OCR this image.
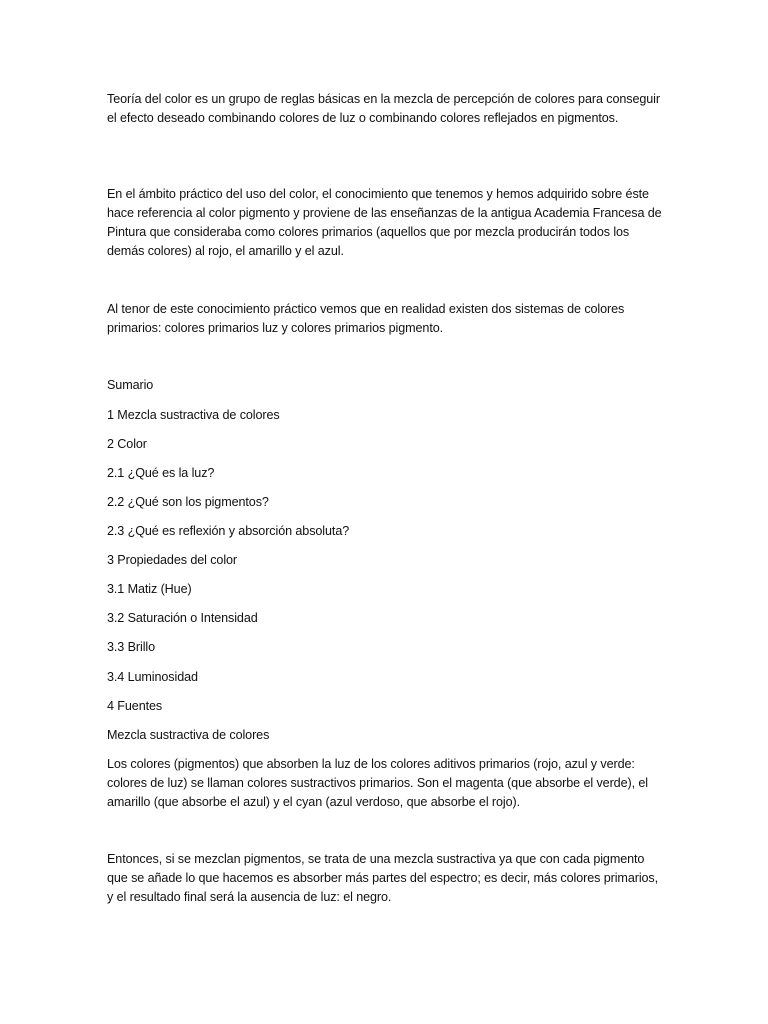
Teoría del color es un grupo de reglas básicas en la mezcla de percepción de colores para conseguir el efecto deseado combinando colores de luz o combinando colores reflejados en pigmentos.

En el ámbito práctico del uso del color, el conocimiento que tenemos y hemos adquirido sobre éste hace referencia al color pigmento y proviene de las enseñanzas de la antigua Academia Francesa de Pintura que consideraba como colores primarios (aquellos que por mezcla producirán todos los demás colores) al rojo, el amarillo y el azul.

Al tenor de este conocimiento práctico vemos que en realidad existen dos sistemas de colores primarios: colores primarios luz y colores primarios pigmento.

Sumario

1 Mezcla sustractiva de colores

2 Color

2.1 ¿Qué es la luz?

2.2 ¿Qué son los pigmentos?

2.3 ¿Qué es reflexión y absorción absoluta?

3 Propiedades del color

3.1 Matiz (Hue)

3.2 Saturación o Intensidad

3.3 Brillo

3.4 Luminosidad

4 Fuentes

Mezcla sustractiva de colores

Los colores (pigmentos) que absorben la luz de los colores aditivos primarios (rojo, azul y verde: colores de luz) se llaman colores sustractivos primarios. Son el magenta (que absorbe el verde), el amarillo (que absorbe el azul) y el cyan (azul verdoso, que absorbe el rojo).

Entonces, si se mezclan pigmentos, se trata de una mezcla sustractiva ya que con cada pigmento que se añade lo que hacemos es absorber más partes del espectro; es decir, más colores primarios, y el resultado final será la ausencia de luz: el negro.
